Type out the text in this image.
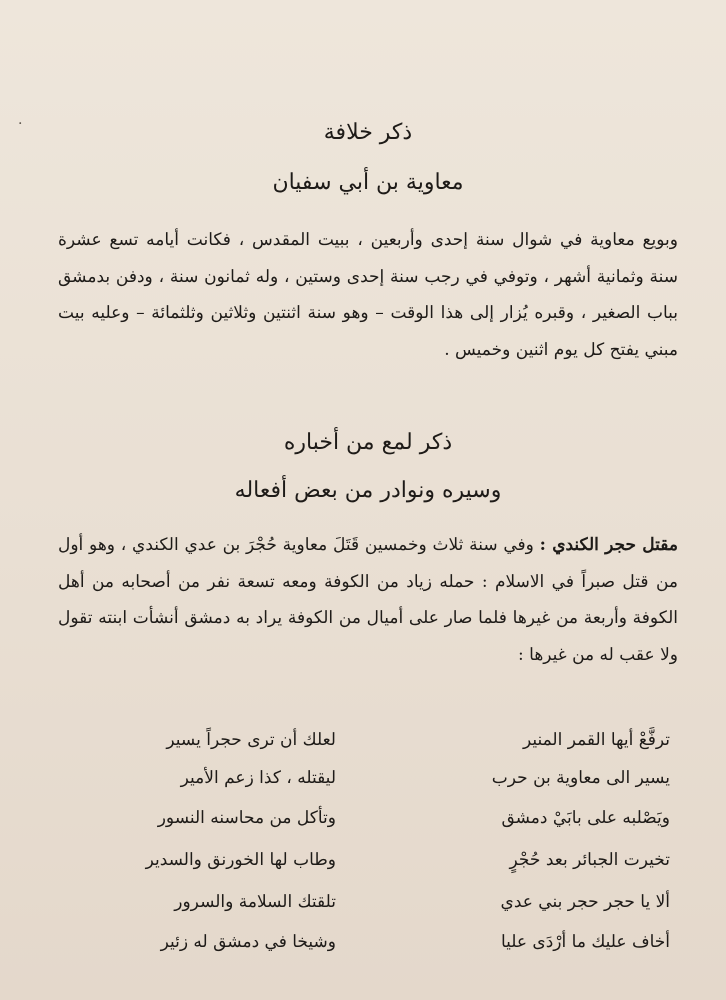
.	ذكر خلافة
معاوية بن أبي سفيان
وبويع معاوية في شوال سنة إحدى وأربعين ، ببيت المقدس ، فكانت أيامه تسع عشرة سنة وثمانية أشهر ، وتوفي في رجب سنة إحدى وستين ، وله ثمانون سنة ، ودفن بدمشق بباب الصغير ، وقبره يُزار إلى هذا الوقت – وهو سنة اثنتين وثلاثين وثلثمائة – وعليه بيت مبني يفتح كل يوم اثنين وخميس .
ذكر لمع من أخباره
وسيره ونوادر من بعض أفعاله
مقتل حجر الكندي : وفي سنة ثلاث وخمسين قَتَلَ معاوية حُجْرَ بن عدي الكندي ، وهو أول من قتل صبراً في الاسلام : حمله زياد من الكوفة ومعه تسعة نفر من أصحابه من أهل الكوفة وأربعة من غيرها فلما صار على أميال من الكوفة يراد به دمشق أنشأت ابنته تقول ولا عقب له من غيرها :
ترفَّعْ أيها القمر المنير
لعلك أن ترى حجراً يسير
يسير الى معاوية بن حرب
ليقتله ، كذا زعم الأمير
ويَصْلبه على بابَيْ دمشق
وتأكل من محاسنه النسور
تخيرت الجبائر بعد حُجْرٍ
وطاب لها الخورنق والسدير
ألا يا حجر حجر بني عدي
تلقتك السلامة والسرور
أخاف عليك ما أرْدَى عليا
وشيخا في دمشق له زئير
